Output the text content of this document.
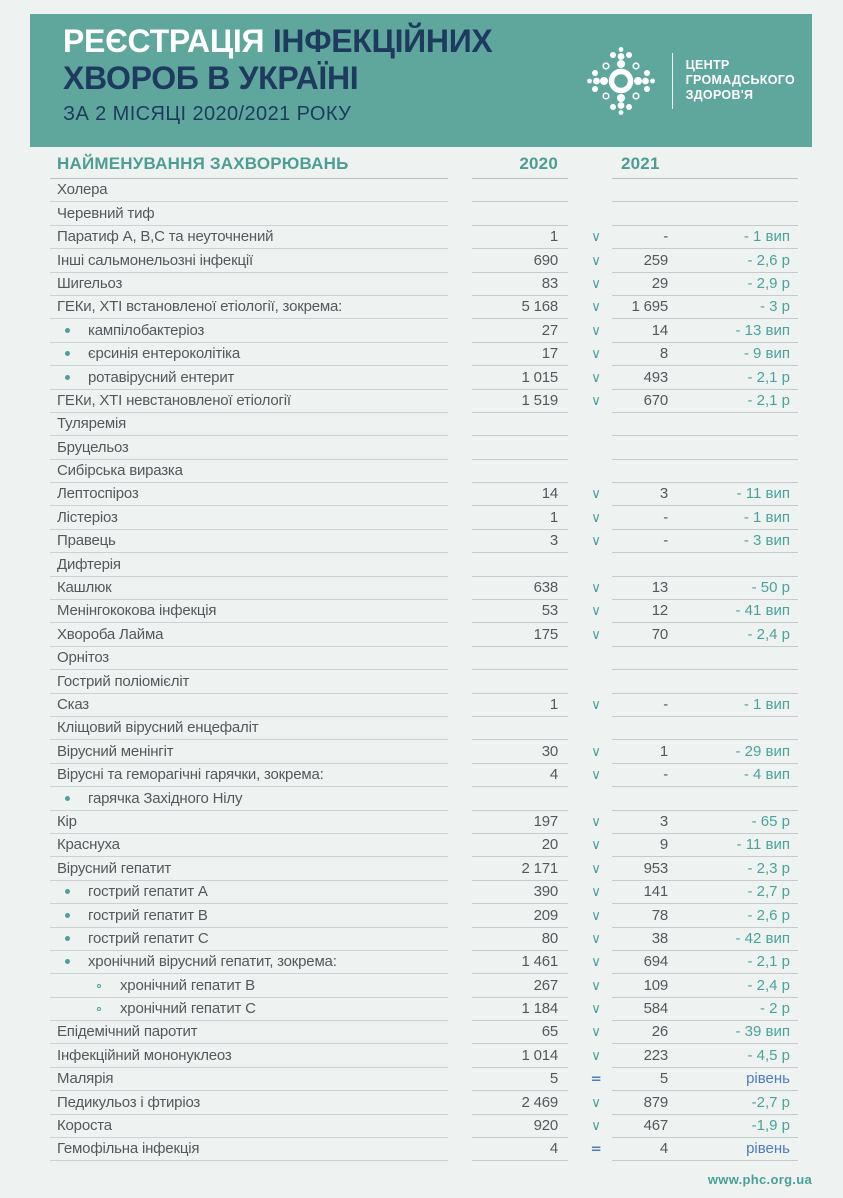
РЕЄСТРАЦІЯ ІНФЕКЦІЙНИХ
ХВОРОБ В УКРАЇНІ
ЗА 2 МІСЯЦІ 2020/2021 РОКУ
ЦЕНТР
ГРОМАДСЬКОГО
ЗДОРОВ'Я
НАЙМЕНУВАННЯ ЗАХВОРЮВАНЬ	2020	2021
Холера
Черевний тиф
Паратиф А, В,С та неуточнений	1	∨	-	- 1 вип
Інші сальмонельозні інфекції	690	∨	259	- 2,6 р
Шигельоз	83	∨	29	- 2,9 р
ГЕКи, ХТІ встановленої етіології, зокрема:	5 168	∨	1 695	- 3 р
кампілобактеріоз	27	∨	14	- 13 вип
єрсинія ентероколітіка	17	∨	8	- 9 вип
ротавірусний ентерит	1 015	∨	493	- 2,1 р
ГЕКи, ХТІ невстановленої етіології	1 519	∨	670	- 2,1 р
Туляремія
Бруцельоз
Сибірська виразка
Лептоспіроз	14	∨	3	- 11 вип
Лістеріоз	1	∨	-	- 1 вип
Правець	3	∨	-	- 3 вип
Дифтерія
Кашлюк	638	∨	13	- 50 р
Менінгококова інфекція	53	∨	12	- 41 вип
Хвороба Лайма	175	∨	70	- 2,4 р
Орнітоз
Гострий поліомієліт
Сказ	1	∨	-	- 1 вип
Кліщовий вірусний енцефаліт
Вірусний менінгіт	30	∨	1	- 29 вип
Вірусні та геморагічні гарячки, зокрема:	4	∨	-	- 4 вип
гарячка Західного Нілу
Кір	197	∨	3	- 65 р
Краснуха	20	∨	9	- 11 вип
Вірусний гепатит	2 171	∨	953	- 2,3 р
гострий гепатит А	390	∨	141	- 2,7 р
гострий гепатит В	209	∨	78	- 2,6 р
гострий гепатит С	80	∨	38	- 42 вип
хронічний вірусний гепатит, зокрема:	1 461	∨	694	- 2,1 р
хронічний гепатит В	267	∨	109	- 2,4 р
хронічний гепатит С	1 184	∨	584	- 2 р
Епідемічний паротит	65	∨	26	- 39 вип
Інфекційний мононуклеоз	1 014	∨	223	- 4,5 р
Малярія	5	=	5	рівень
Педикульоз і фтиріоз	2 469	∨	879	-2,7 р
Короста	920	∨	467	-1,9 р
Гемофільна інфекція	4	=	4	рівень
www.phc.org.ua
